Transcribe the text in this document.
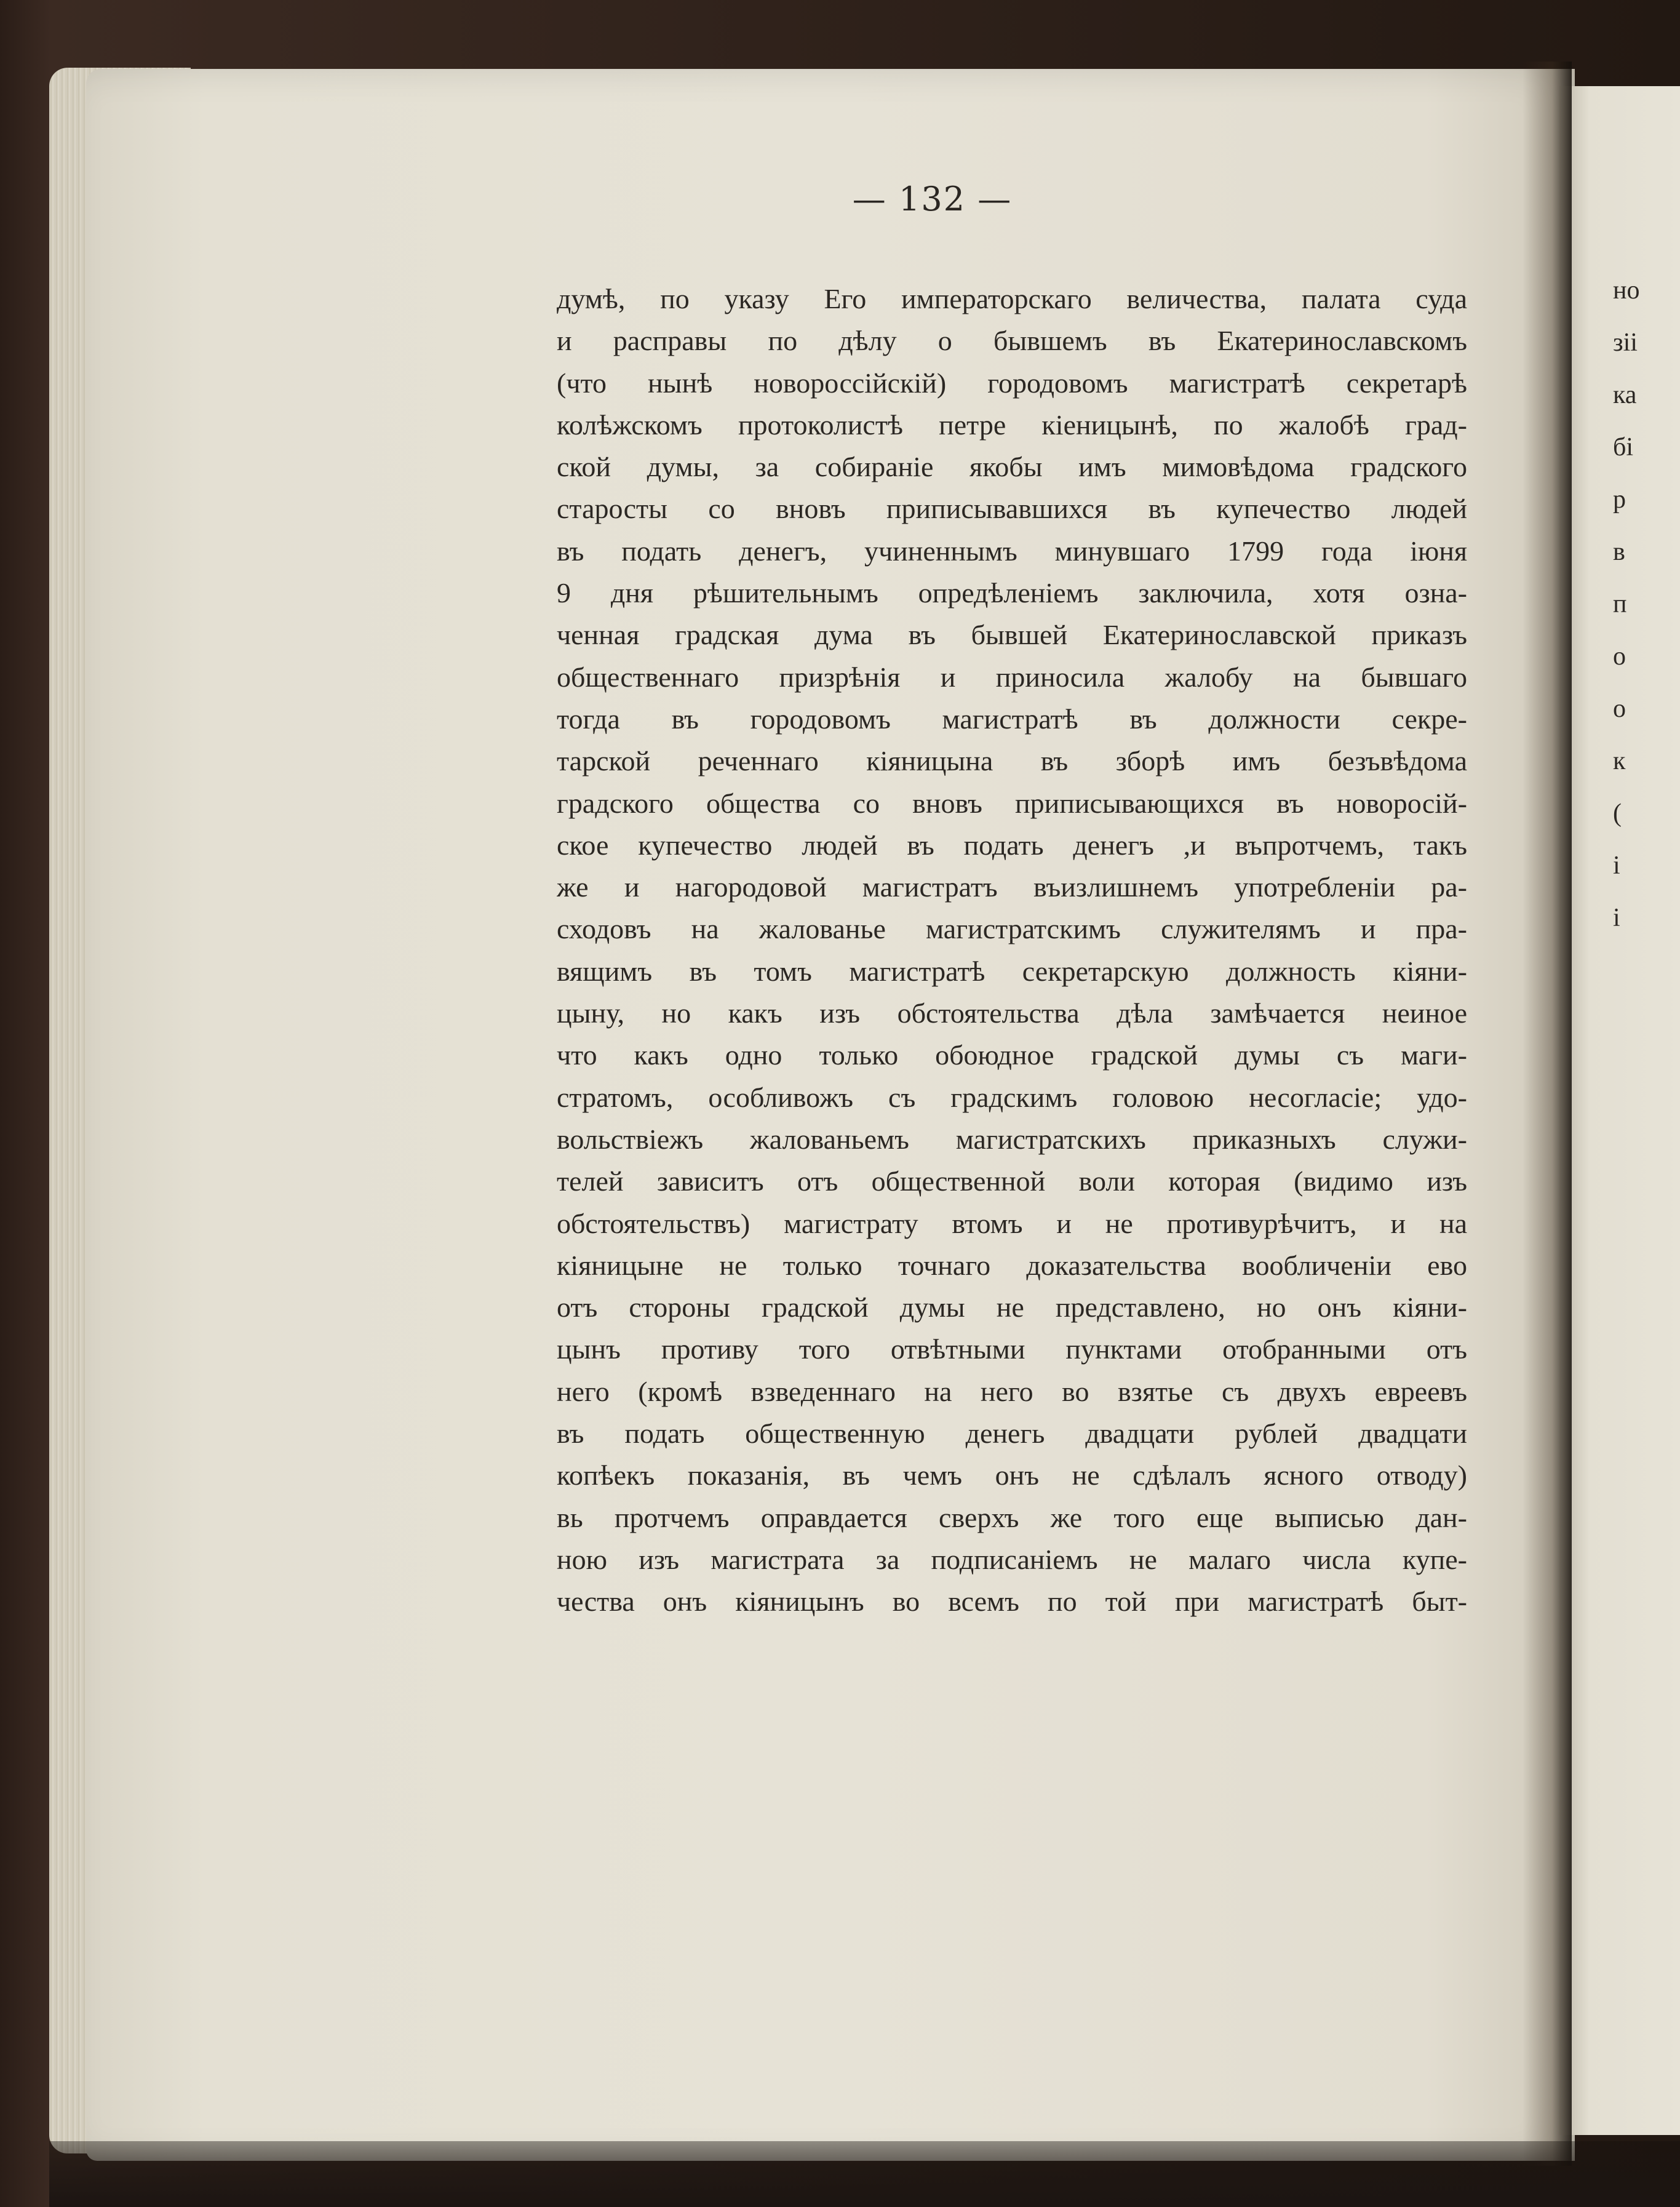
— 132 —
думѣ, по указу Его императорскаго величества, палата суда
и расправы по дѣлу о бывшемъ въ Екатеринославскомъ
(что нынѣ новороссійскій) городовомъ магистратѣ секретарѣ
колѣжскомъ протоколистѣ петре кіеницынѣ, по жалобѣ град-
ской думы, за собираніе якобы имъ мимовѣдома градского
старосты со вновъ приписывавшихся въ купечество людей
въ подать денегъ, учиненнымъ минувшаго 1799 года іюня
9 дня рѣшительнымъ опредѣленіемъ заключила, хотя озна-
ченная градская дума въ бывшей Екатеринославской приказъ
общественнаго призрѣнія и приносила жалобу на бывшаго
тогда въ городовомъ магистратѣ въ должности секре-
тарской реченнаго кіяницына въ зборѣ имъ безъвѣдома
градского общества со вновъ приписывающихся въ новоросій-
ское купечество людей въ подать денегъ ,и въпротчемъ, такъ
же и нагородовой магистратъ въизлишнемъ употребленіи ра-
сходовъ на жалованье магистратскимъ служителямъ и пра-
вящимъ въ томъ магистратѣ секретарскую должность кіяни-
цыну, но какъ изъ обстоятельства дѣла замѣчается неиное
что какъ одно только обоюдное градской думы съ маги-
стратомъ, особливожъ съ градскимъ головою несогласіе; удо-
вольствіежъ жалованьемъ магистратскихъ приказныхъ служи-
телей зависитъ отъ общественной воли которая (видимо изъ
обстоятельствъ) магистрату втомъ и не противурѣчитъ, и на
кіяницыне не только точнаго доказательства вообличеніи ево
отъ стороны градской думы не представлено, но онъ кіяни-
цынъ противу того отвѣтными пунктами отобранными отъ
него (кромѣ взведеннаго на него во взятье съ двухъ евреевъ
въ подать общественную денегь двадцати рублей двадцати
копѣекъ показанія, въ чемъ онъ не сдѣлалъ ясного отводу)
вь протчемъ оправдается сверхъ же того еще выписью дан-
ною изъ магистрата за подписаніемъ не малаго числа купе-
чества онъ кіяницынъ во всемъ по той при магистратѣ быт-
но
зіі
ка
бі
р
в
п
о
о
к
(
і
і
